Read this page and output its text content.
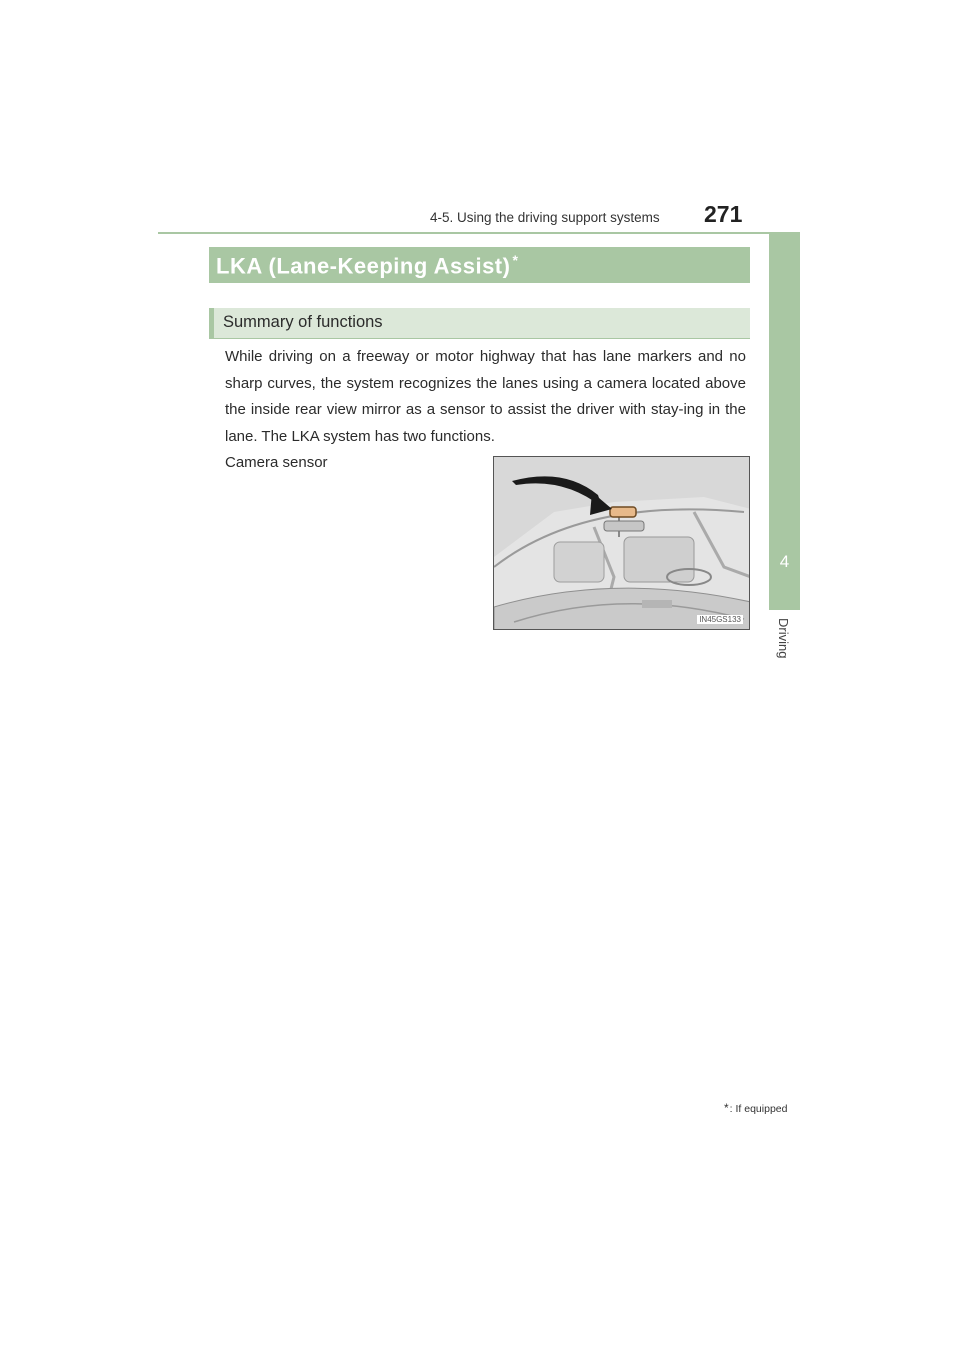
4-5. Using the driving support systems 271
4
Driving
LKA (Lane-Keeping Assist) *
Summary of functions
While driving on a freeway or motor highway that has lane markers and no sharp curves, the system recognizes the lanes using a camera located above the inside rear view mirror as a sensor to assist the driver with stay-ing in the lane. The LKA system has two functions.
Camera sensor
IN45GS133
*: If equipped
